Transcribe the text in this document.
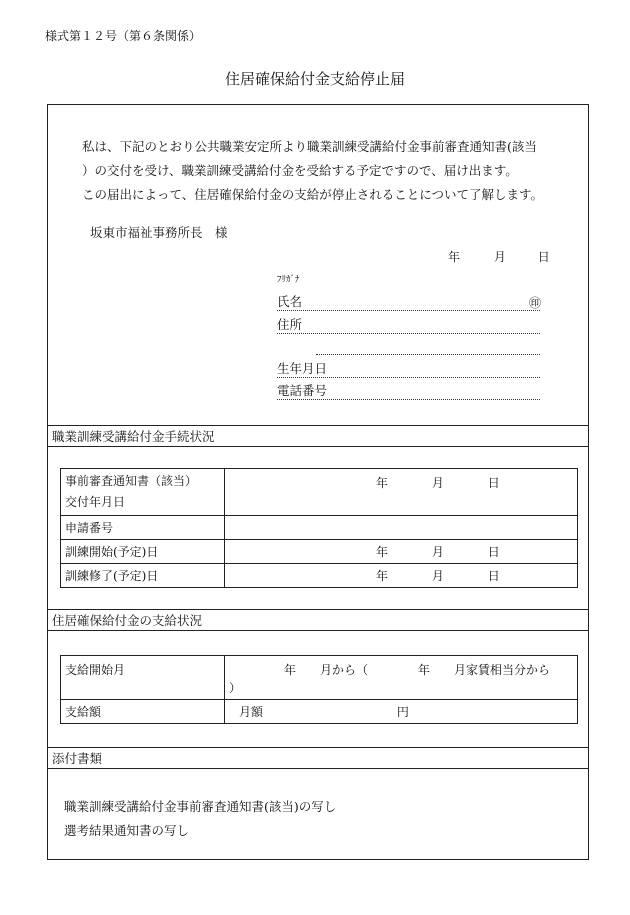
様式第１２号（第６条関係）
住居確保給付金支給停止届

私は、下記のとおり公共職業安定所より職業訓練受講給付金事前審査通知書(該当

）の交付を受け、職業訓練受講給付金を受給する予定ですので、届け出ます。

この届出によって、住居確保給付金の支給が停止されることについて了解します。

坂東市福祉事務所長　様
年	月	日
ﾌﾘｶﾞﾅ
氏名	㊞
住所
生年月日
電話番号
職業訓練受講給付金手続状況
事前審査通知書（該当）
交付年月日	年 月 日
申請番号	
訓練開始(予定)日	年 月 日
訓練修了(予定)日	年 月 日
住居確保給付金の支給状況
支給開始月	年　　月から（ 年　　月家賃相当分から
）
支給額	月額 円
添付書類
職業訓練受講給付金事前審査通知書(該当)の写し
選考結果通知書の写し
